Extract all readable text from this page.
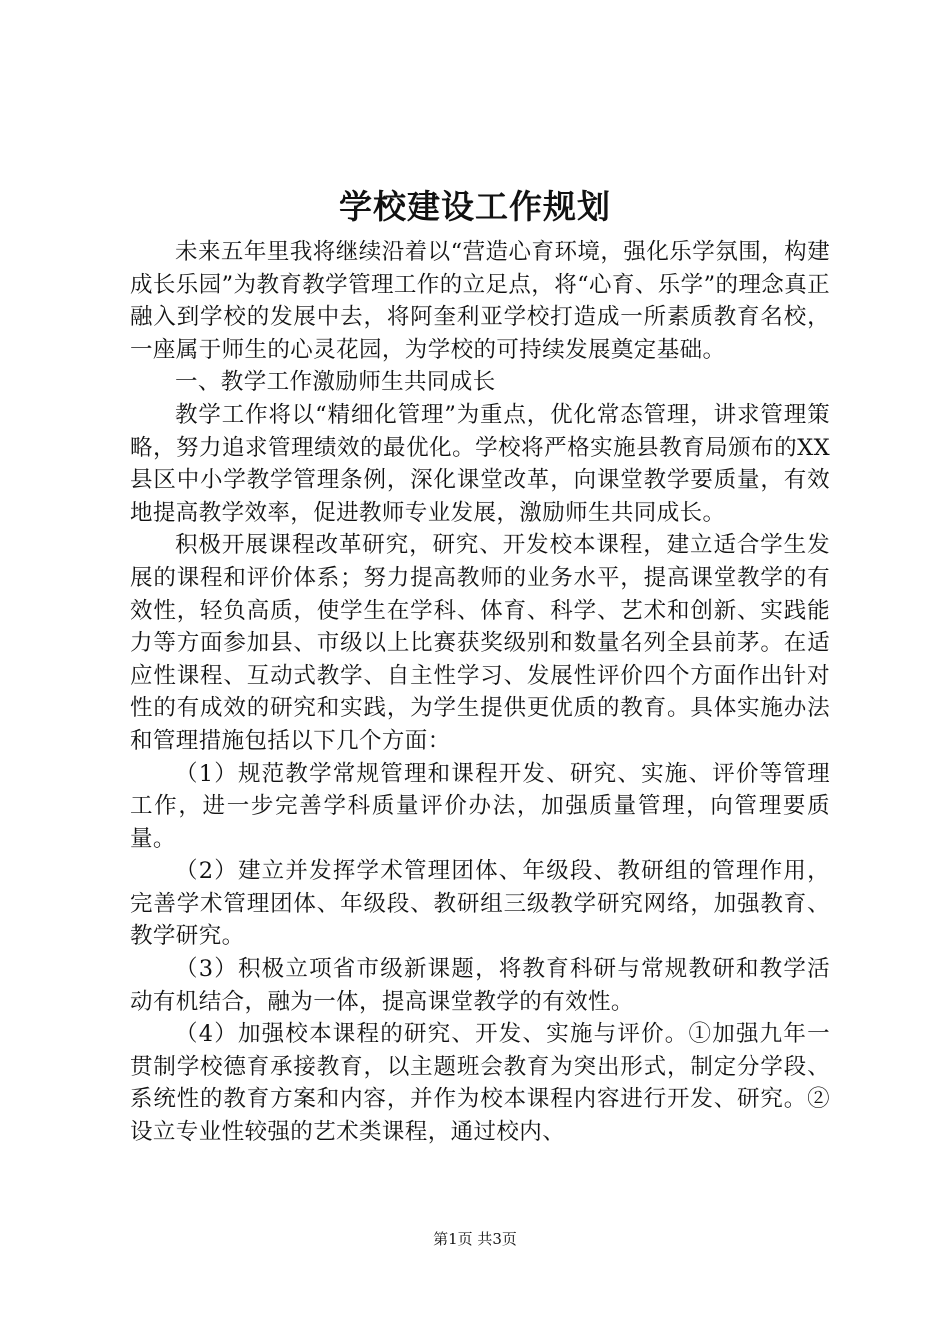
学校建设工作规划

未来五年里我将继续沿着以“营造心育环境，强化乐学氛围，构建成长乐园”为教育教学管理工作的立足点，将“心育、乐学”的理念真正融入到学校的发展中去，将阿奎利亚学校打造成一所素质教育名校，一座属于师生的心灵花园，为学校的可持续发展奠定基础。

一、教学工作激励师生共同成长

教学工作将以“精细化管理”为重点，优化常态管理，讲求管理策略，努力追求管理绩效的最优化。学校将严格实施县教育局颁布的XX县区中小学教学管理条例，深化课堂改革，向课堂教学要质量，有效地提高教学效率，促进教师专业发展，激励师生共同成长。

积极开展课程改革研究，研究、开发校本课程，建立适合学生发展的课程和评价体系；努力提高教师的业务水平，提高课堂教学的有效性，轻负高质，使学生在学科、体育、科学、艺术和创新、实践能力等方面参加县、市级以上比赛获奖级别和数量名列全县前茅。在适应性课程、互动式教学、自主性学习、发展性评价四个方面作出针对性的有成效的研究和实践，为学生提供更优质的教育。具体实施办法和管理措施包括以下几个方面：

（1）规范教学常规管理和课程开发、研究、实施、评价等管理工作，进一步完善学科质量评价办法，加强质量管理，向管理要质量。

（2）建立并发挥学术管理团体、年级段、教研组的管理作用，完善学术管理团体、年级段、教研组三级教学研究网络，加强教育、教学研究。

（3）积极立项省市级新课题，将教育科研与常规教研和教学活动有机结合，融为一体，提高课堂教学的有效性。

（4）加强校本课程的研究、开发、实施与评价。①加强九年一贯制学校德育承接教育，以主题班会教育为突出形式，制定分学段、系统性的教育方案和内容，并作为校本课程内容进行开发、研究。②设立专业性较强的艺术类课程，通过校内、

第1页 共3页
